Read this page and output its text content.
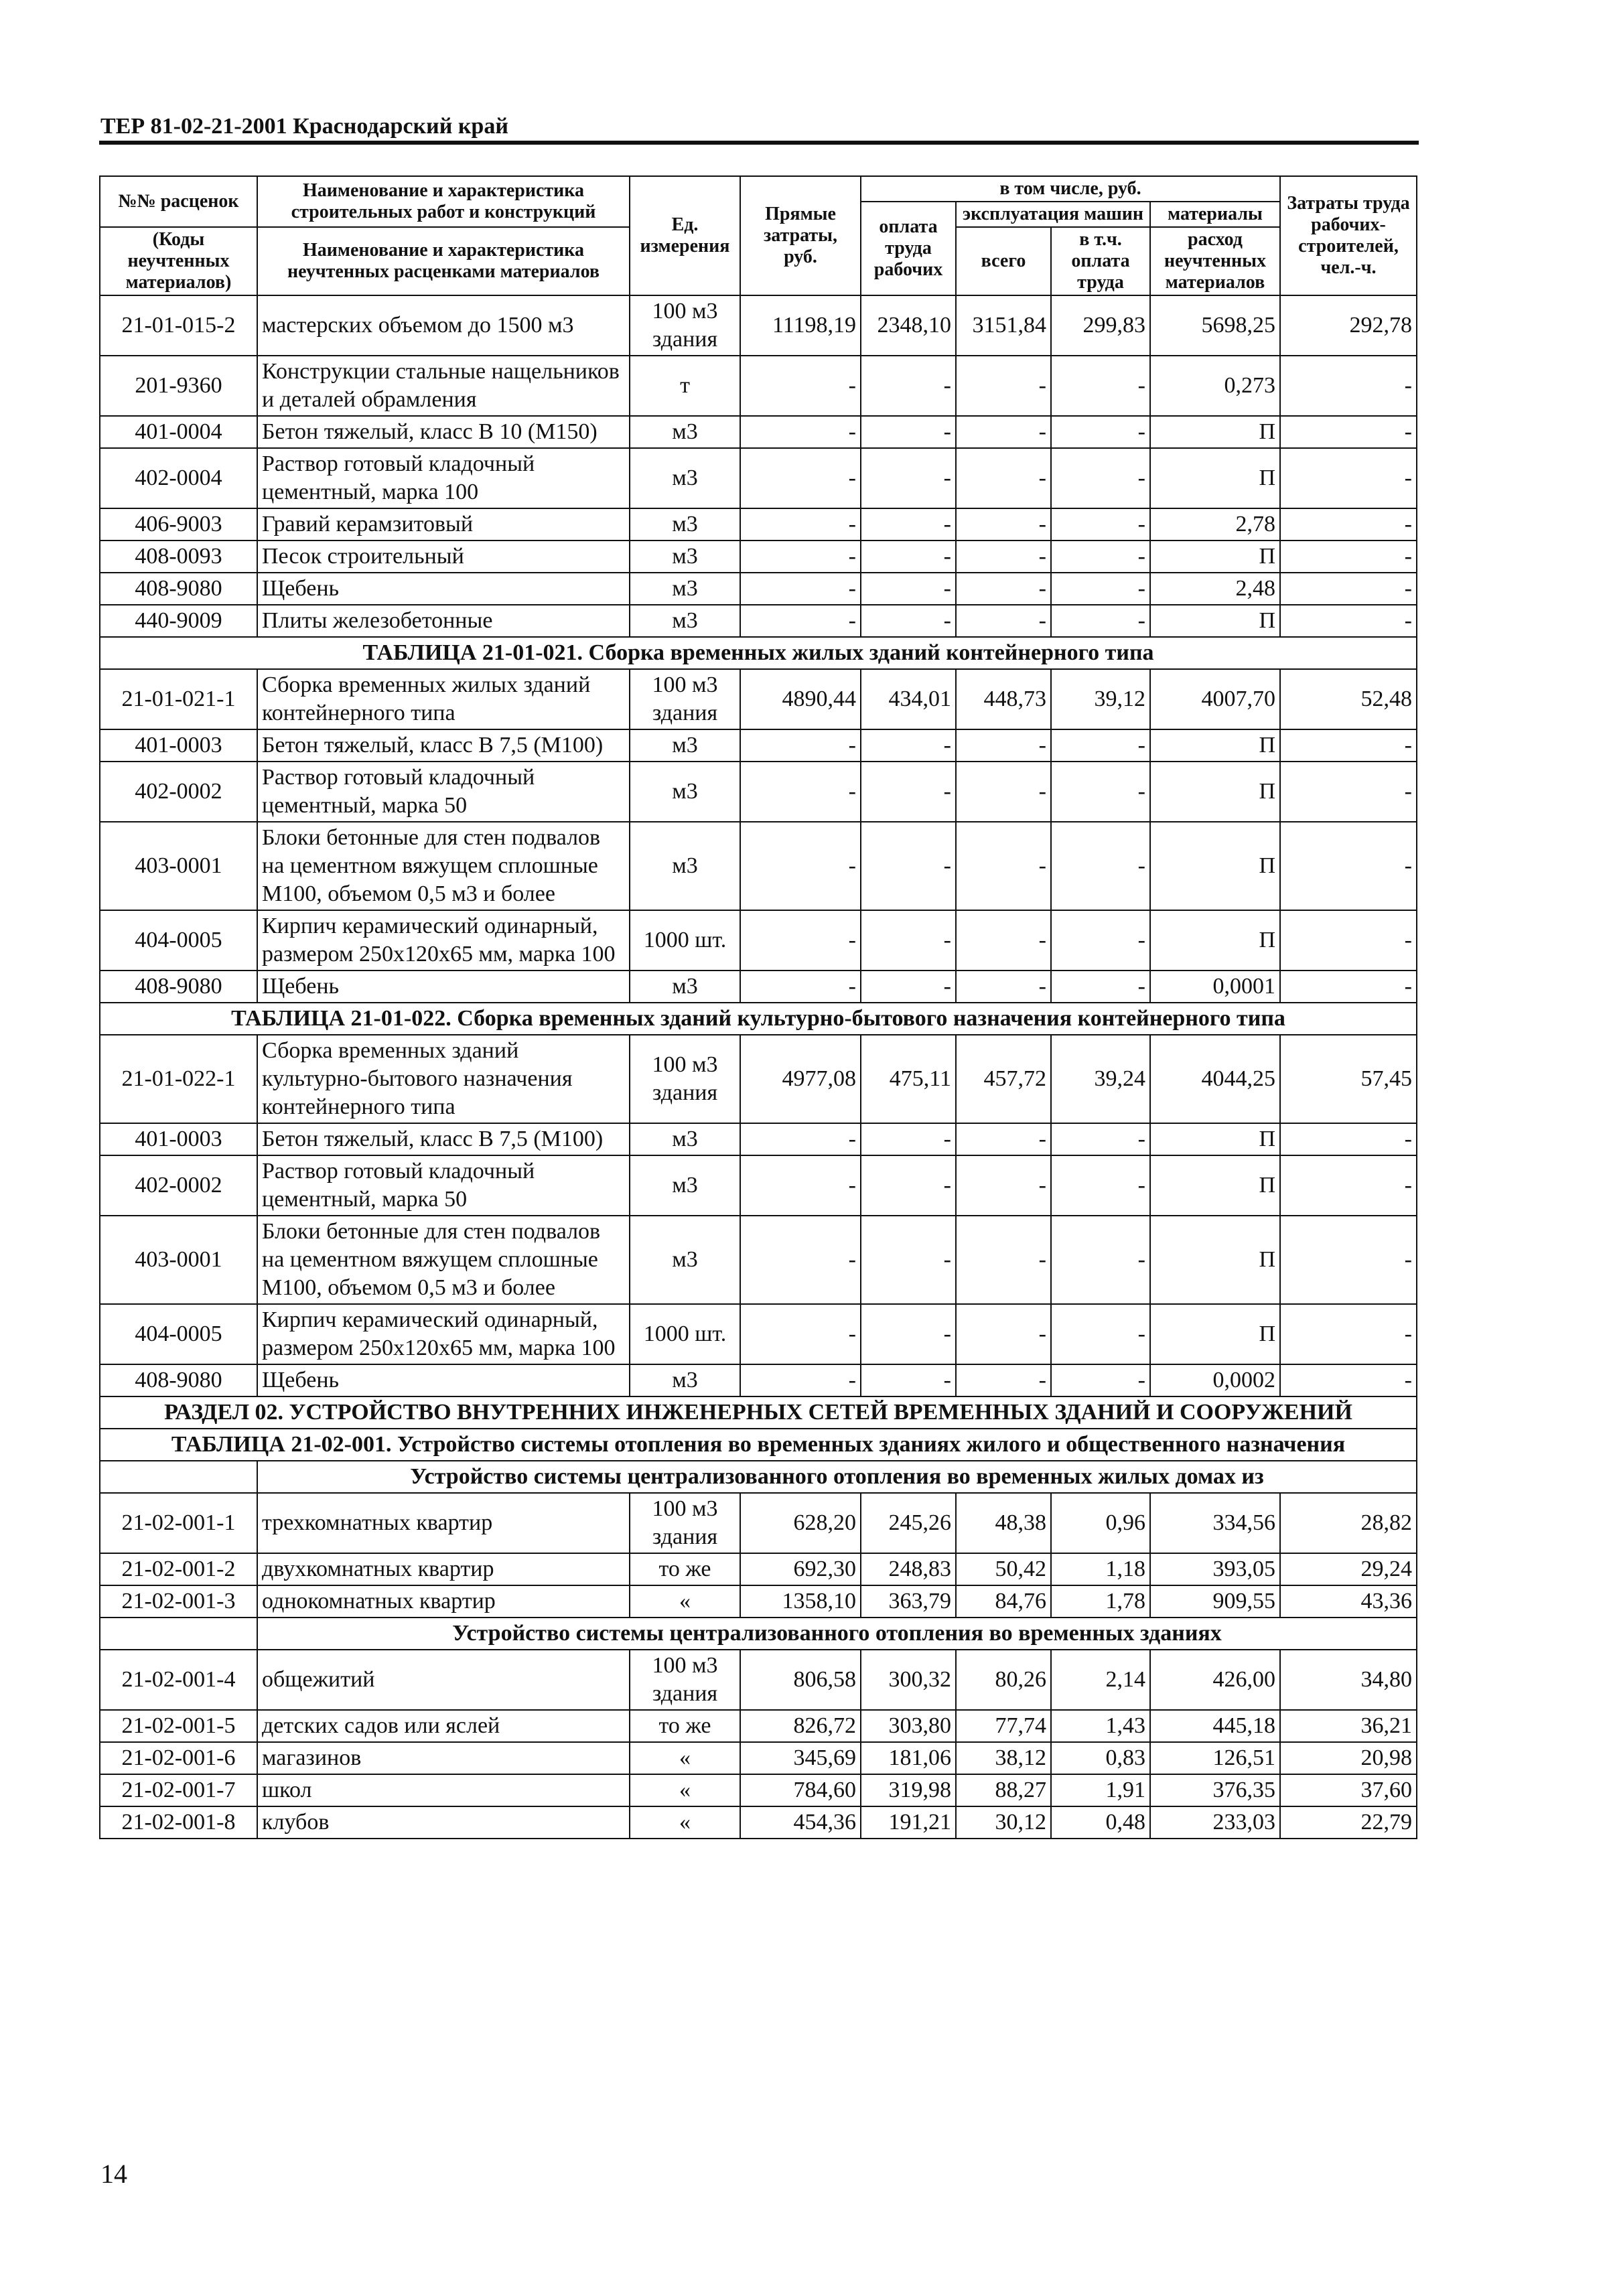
ТЕР 81-02-21-2001 Краснодарский край
№№ расценок	Наименование и характеристика строительных работ и конструкций	Ед. измерения	Прямые затраты, руб.	в том числе, руб.				Затраты труда рабочих-строителей, чел.-ч.
				оплата труда рабочих	эксплуатация машин		материалы	
(Коды неучтенных материалов)	Наименование и характеристика неучтенных расценками материалов				всего	в т.ч. оплата труда	расход неучтенных материалов	

21-01-015-2	мастерских объемом до 1500 м3	100 м3 здания	11198,19	2348,10	3151,84	299,83	5698,25	292,78
201-9360	Конструкции стальные нащельников и деталей обрамления	т	-	-	-	-	0,273	-
401-0004	Бетон тяжелый, класс В 10 (М150)	м3	-	-	-	-	П	-
402-0004	Раствор готовый кладочный цементный, марка 100	м3	-	-	-	-	П	-
406-9003	Гравий керамзитовый	м3	-	-	-	-	2,78	-
408-0093	Песок строительный	м3	-	-	-	-	П	-
408-9080	Щебень	м3	-	-	-	-	2,48	-
440-9009	Плиты железобетонные	м3	-	-	-	-	П	-
ТАБЛИЦА 21-01-021. Сборка временных жилых зданий контейнерного типа								
21-01-021-1	Сборка временных жилых зданий контейнерного типа	100 м3 здания	4890,44	434,01	448,73	39,12	4007,70	52,48
401-0003	Бетон тяжелый, класс В 7,5 (М100)	м3	-	-	-	-	П	-
402-0002	Раствор готовый кладочный цементный, марка 50	м3	-	-	-	-	П	-
403-0001	Блоки бетонные для стен подвалов на цементном вяжущем сплошные М100, объемом 0,5 м3 и более	м3	-	-	-	-	П	-
404-0005	Кирпич керамический одинарный, размером 250х120х65 мм, марка 100	1000 шт.	-	-	-	-	П	-
408-9080	Щебень	м3	-	-	-	-	0,0001	-
ТАБЛИЦА 21-01-022. Сборка временных зданий культурно-бытового назначения контейнерного типа								
21-01-022-1	Сборка временных зданий культурно-бытового назначения контейнерного типа	100 м3 здания	4977,08	475,11	457,72	39,24	4044,25	57,45
401-0003	Бетон тяжелый, класс В 7,5 (М100)	м3	-	-	-	-	П	-
402-0002	Раствор готовый кладочный цементный, марка 50	м3	-	-	-	-	П	-
403-0001	Блоки бетонные для стен подвалов на цементном вяжущем сплошные М100, объемом 0,5 м3 и более	м3	-	-	-	-	П	-
404-0005	Кирпич керамический одинарный, размером 250х120х65 мм, марка 100	1000 шт.	-	-	-	-	П	-
408-9080	Щебень	м3	-	-	-	-	0,0002	-
РАЗДЕЛ 02. УСТРОЙСТВО ВНУТРЕННИХ ИНЖЕНЕРНЫХ СЕТЕЙ ВРЕМЕННЫХ ЗДАНИЙ И СООРУЖЕНИЙ								
ТАБЛИЦА 21-02-001. Устройство системы отопления во временных зданиях жилого и общественного назначения								
	Устройство системы централизованного отопления во временных жилых домах из							
21-02-001-1	трехкомнатных квартир	100 м3 здания	628,20	245,26	48,38	0,96	334,56	28,82
21-02-001-2	двухкомнатных квартир	то же	692,30	248,83	50,42	1,18	393,05	29,24
21-02-001-3	однокомнатных квартир	«	1358,10	363,79	84,76	1,78	909,55	43,36
	Устройство системы централизованного отопления во временных зданиях							
21-02-001-4	общежитий	100 м3 здания	806,58	300,32	80,26	2,14	426,00	34,80
21-02-001-5	детских садов или яслей	то же	826,72	303,80	77,74	1,43	445,18	36,21
21-02-001-6	магазинов	«	345,69	181,06	38,12	0,83	126,51	20,98
21-02-001-7	школ	«	784,60	319,98	88,27	1,91	376,35	37,60
21-02-001-8	клубов	«	454,36	191,21	30,12	0,48	233,03	22,79
14
